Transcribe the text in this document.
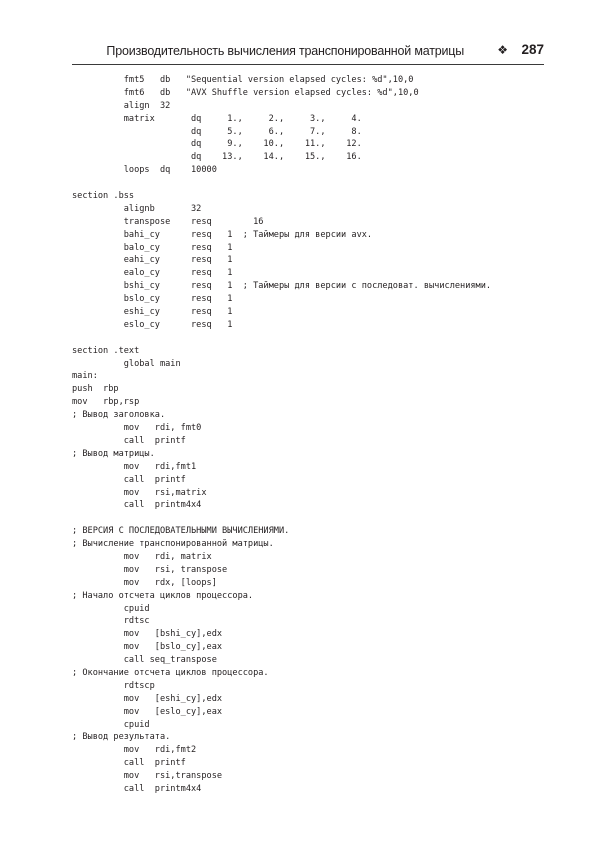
Производительность вычисления транспонированной матрицы	❖ 287
fmt5   db   "Sequential version elapsed cycles: %d",10,0
fmt6   db   "AVX Shuffle version elapsed cycles: %d",10,0
align  32
matrix       dq     1.,     2.,     3.,     4.
dq     5.,     6.,     7.,     8.
dq     9.,    10.,    11.,    12.
dq    13.,    14.,    15.,    16.
loops  dq    10000
section .bss
alignb       32
transpose    resq        16
bahi_cy      resq   1  ; Таймеры для версии avx.
balo_cy      resq   1
eahi_cy      resq   1
ealo_cy      resq   1
bshi_cy      resq   1  ; Таймеры для версии с последоват. вычислениями.
bslo_cy      resq   1
eshi_cy      resq   1
eslo_cy      resq   1
section .text
global main
main:
push  rbp
mov   rbp,rsp
; Вывод заголовка.
mov   rdi, fmt0
call  printf
; Вывод матрицы.
mov   rdi,fmt1
call  printf
mov   rsi,matrix
call  printm4x4
; ВЕРСИЯ С ПОСЛЕДОВАТЕЛЬНЫМИ ВЫЧИСЛЕНИЯМИ.
; Вычисление транспонированной матрицы.
mov   rdi, matrix
mov   rsi, transpose
mov   rdx, [loops]
; Начало отсчета циклов процессора.
cpuid
rdtsc
mov   [bshi_cy],edx
mov   [bslo_cy],eax
call seq_transpose
; Окончание отсчета циклов процессора.
rdtscp
mov   [eshi_cy],edx
mov   [eslo_cy],eax
cpuid
; Вывод результата.
mov   rdi,fmt2
call  printf
mov   rsi,transpose
call  printm4x4
